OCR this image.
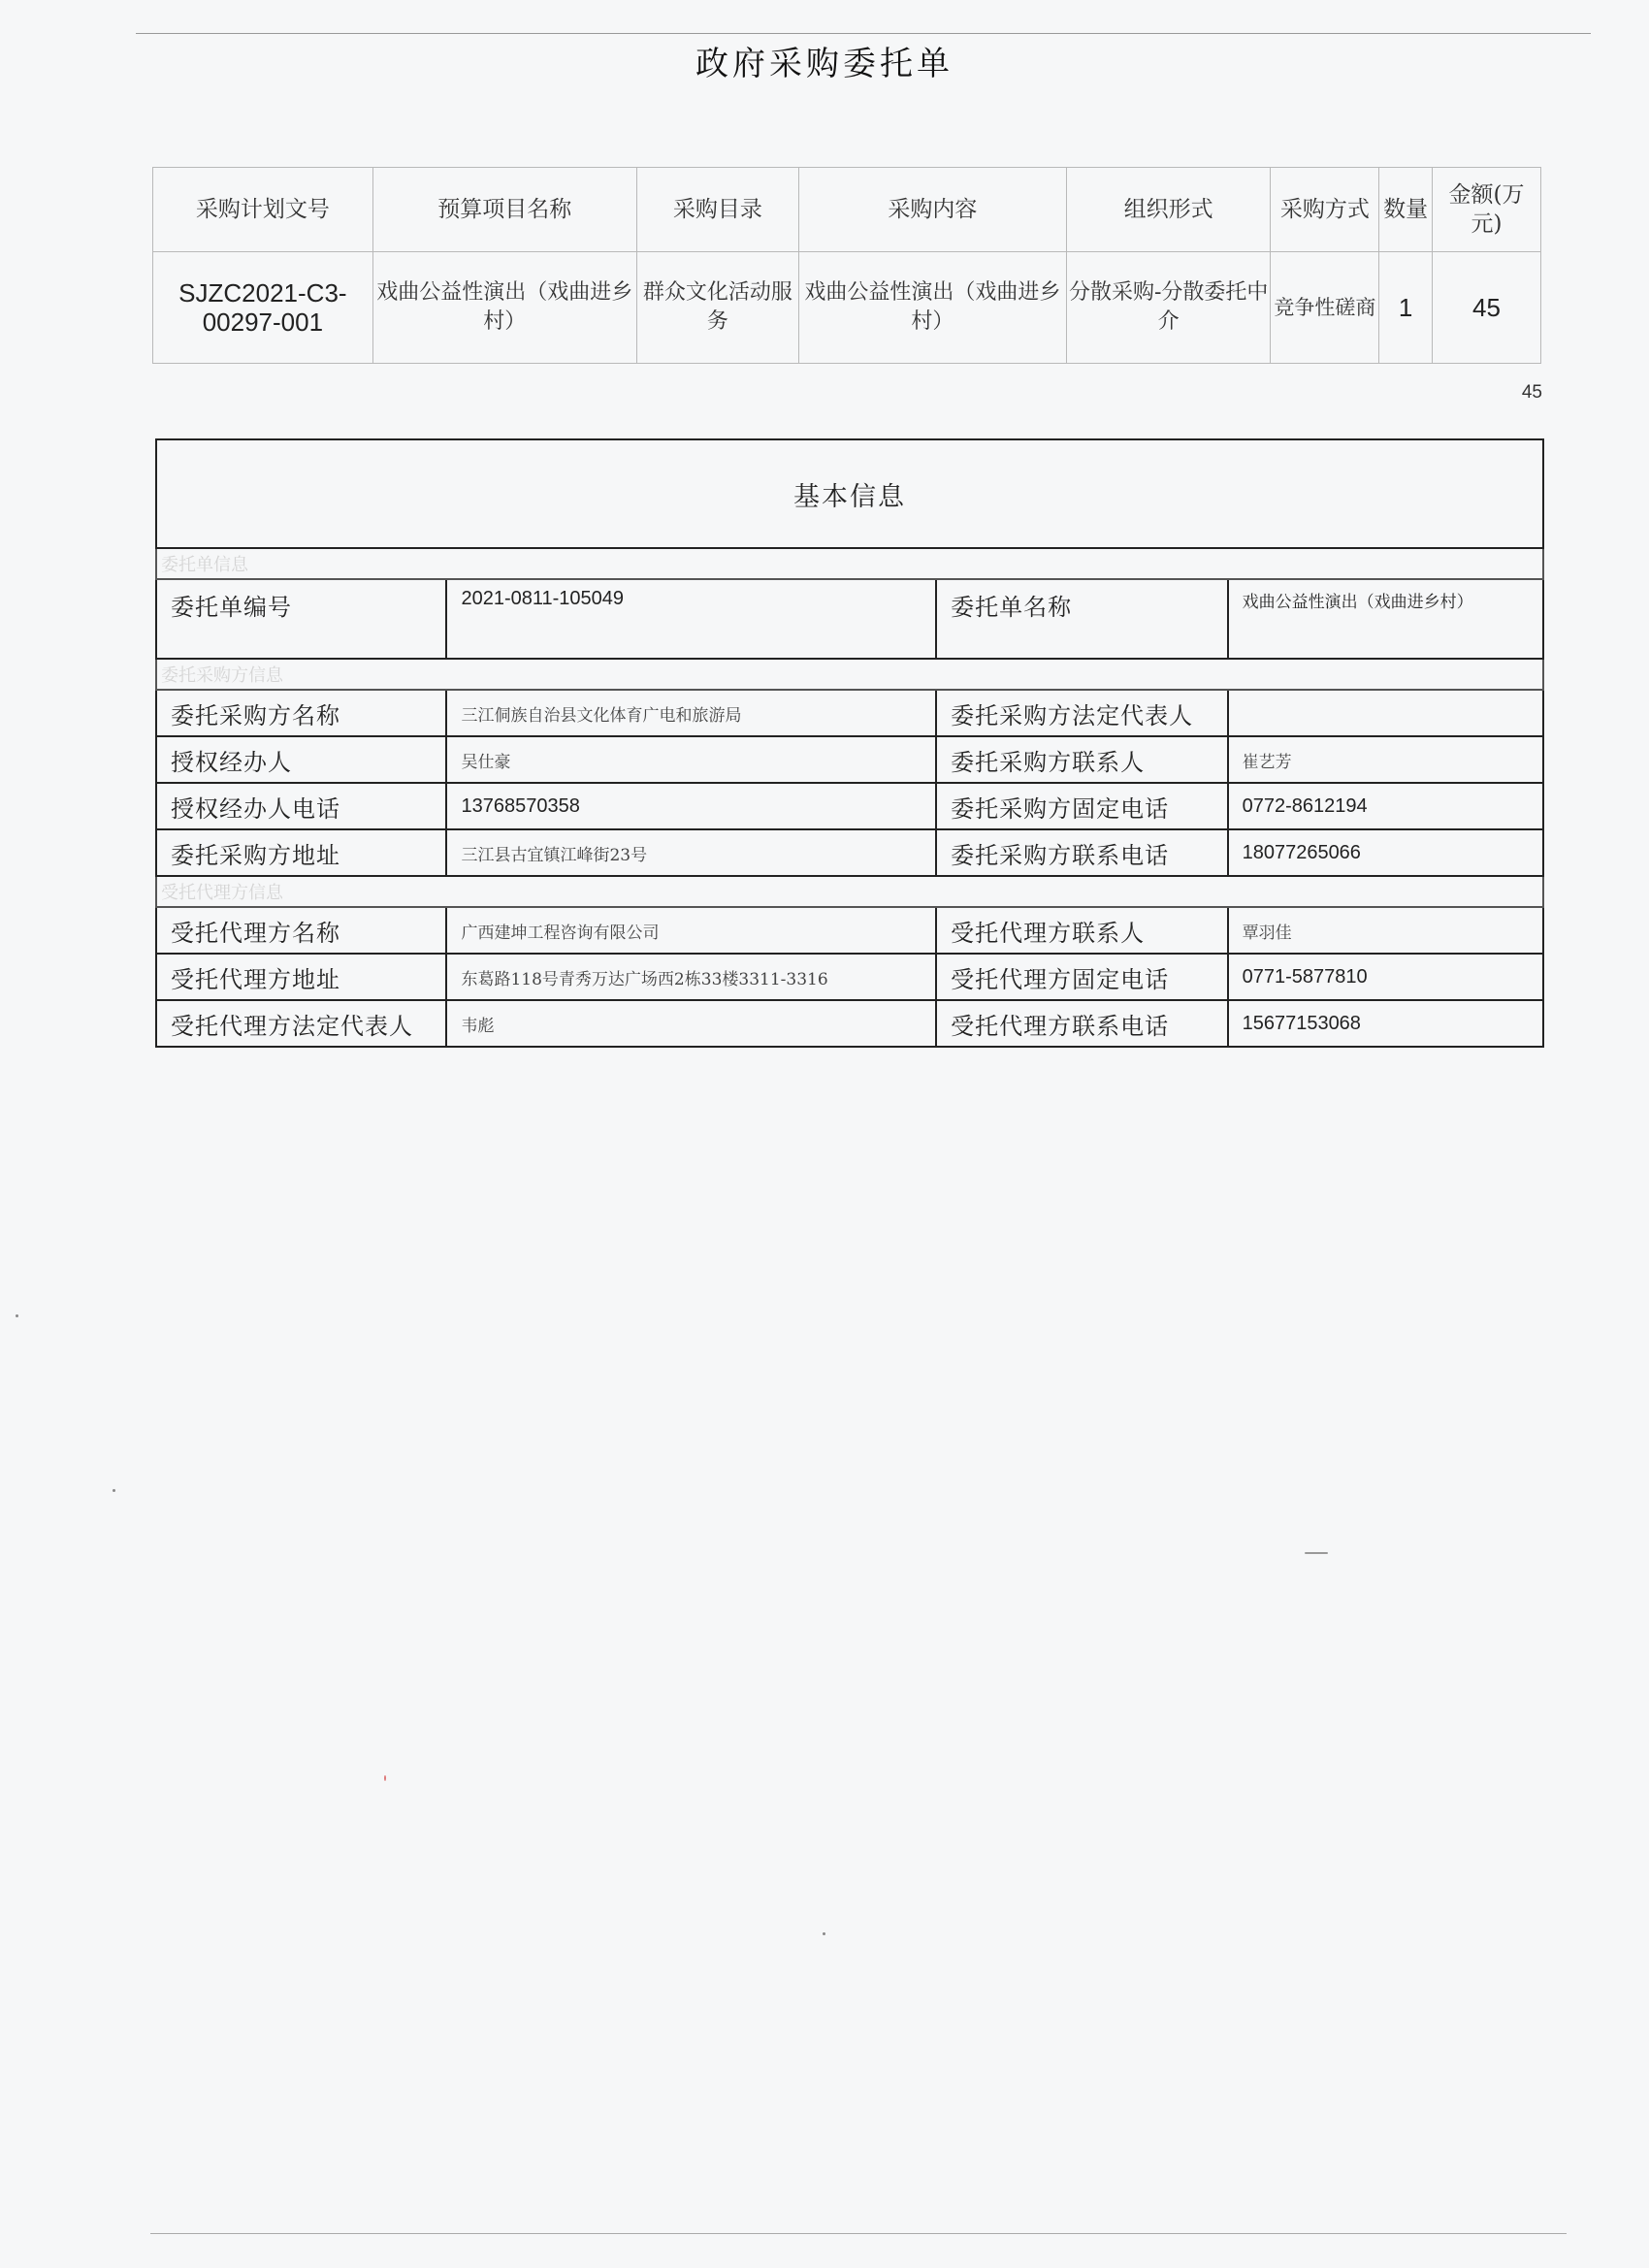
政府采购委托单
采购计划文号	预算项目名称	采购目录	采购内容	组织形式	采购方式	数量	金额(万元)
SJZC2021-C3-00297-001	戏曲公益性演出（戏曲进乡村）	群众文化活动服务	戏曲公益性演出（戏曲进乡村）	分散采购-分散委托中介	竞争性磋商	1	45
45
基本信息			
委托单信息			
委托单编号	2021-0811-105049	委托单名称	戏曲公益性演出（戏曲进乡村）
委托采购方信息			
委托采购方名称	三江侗族自治县文化体育广电和旅游局	委托采购方法定代表人	
授权经办人	吴仕豪	委托采购方联系人	崔艺芳
授权经办人电话	13768570358	委托采购方固定电话	0772-8612194
委托采购方地址	三江县古宜镇江峰街23号	委托采购方联系电话	18077265066
受托代理方信息			
受托代理方名称	广西建坤工程咨询有限公司	受托代理方联系人	覃羽佳
受托代理方地址	东葛路118号青秀万达广场西2栋33楼3311-3316	受托代理方固定电话	0771-5877810
受托代理方法定代表人	韦彪	受托代理方联系电话	15677153068
